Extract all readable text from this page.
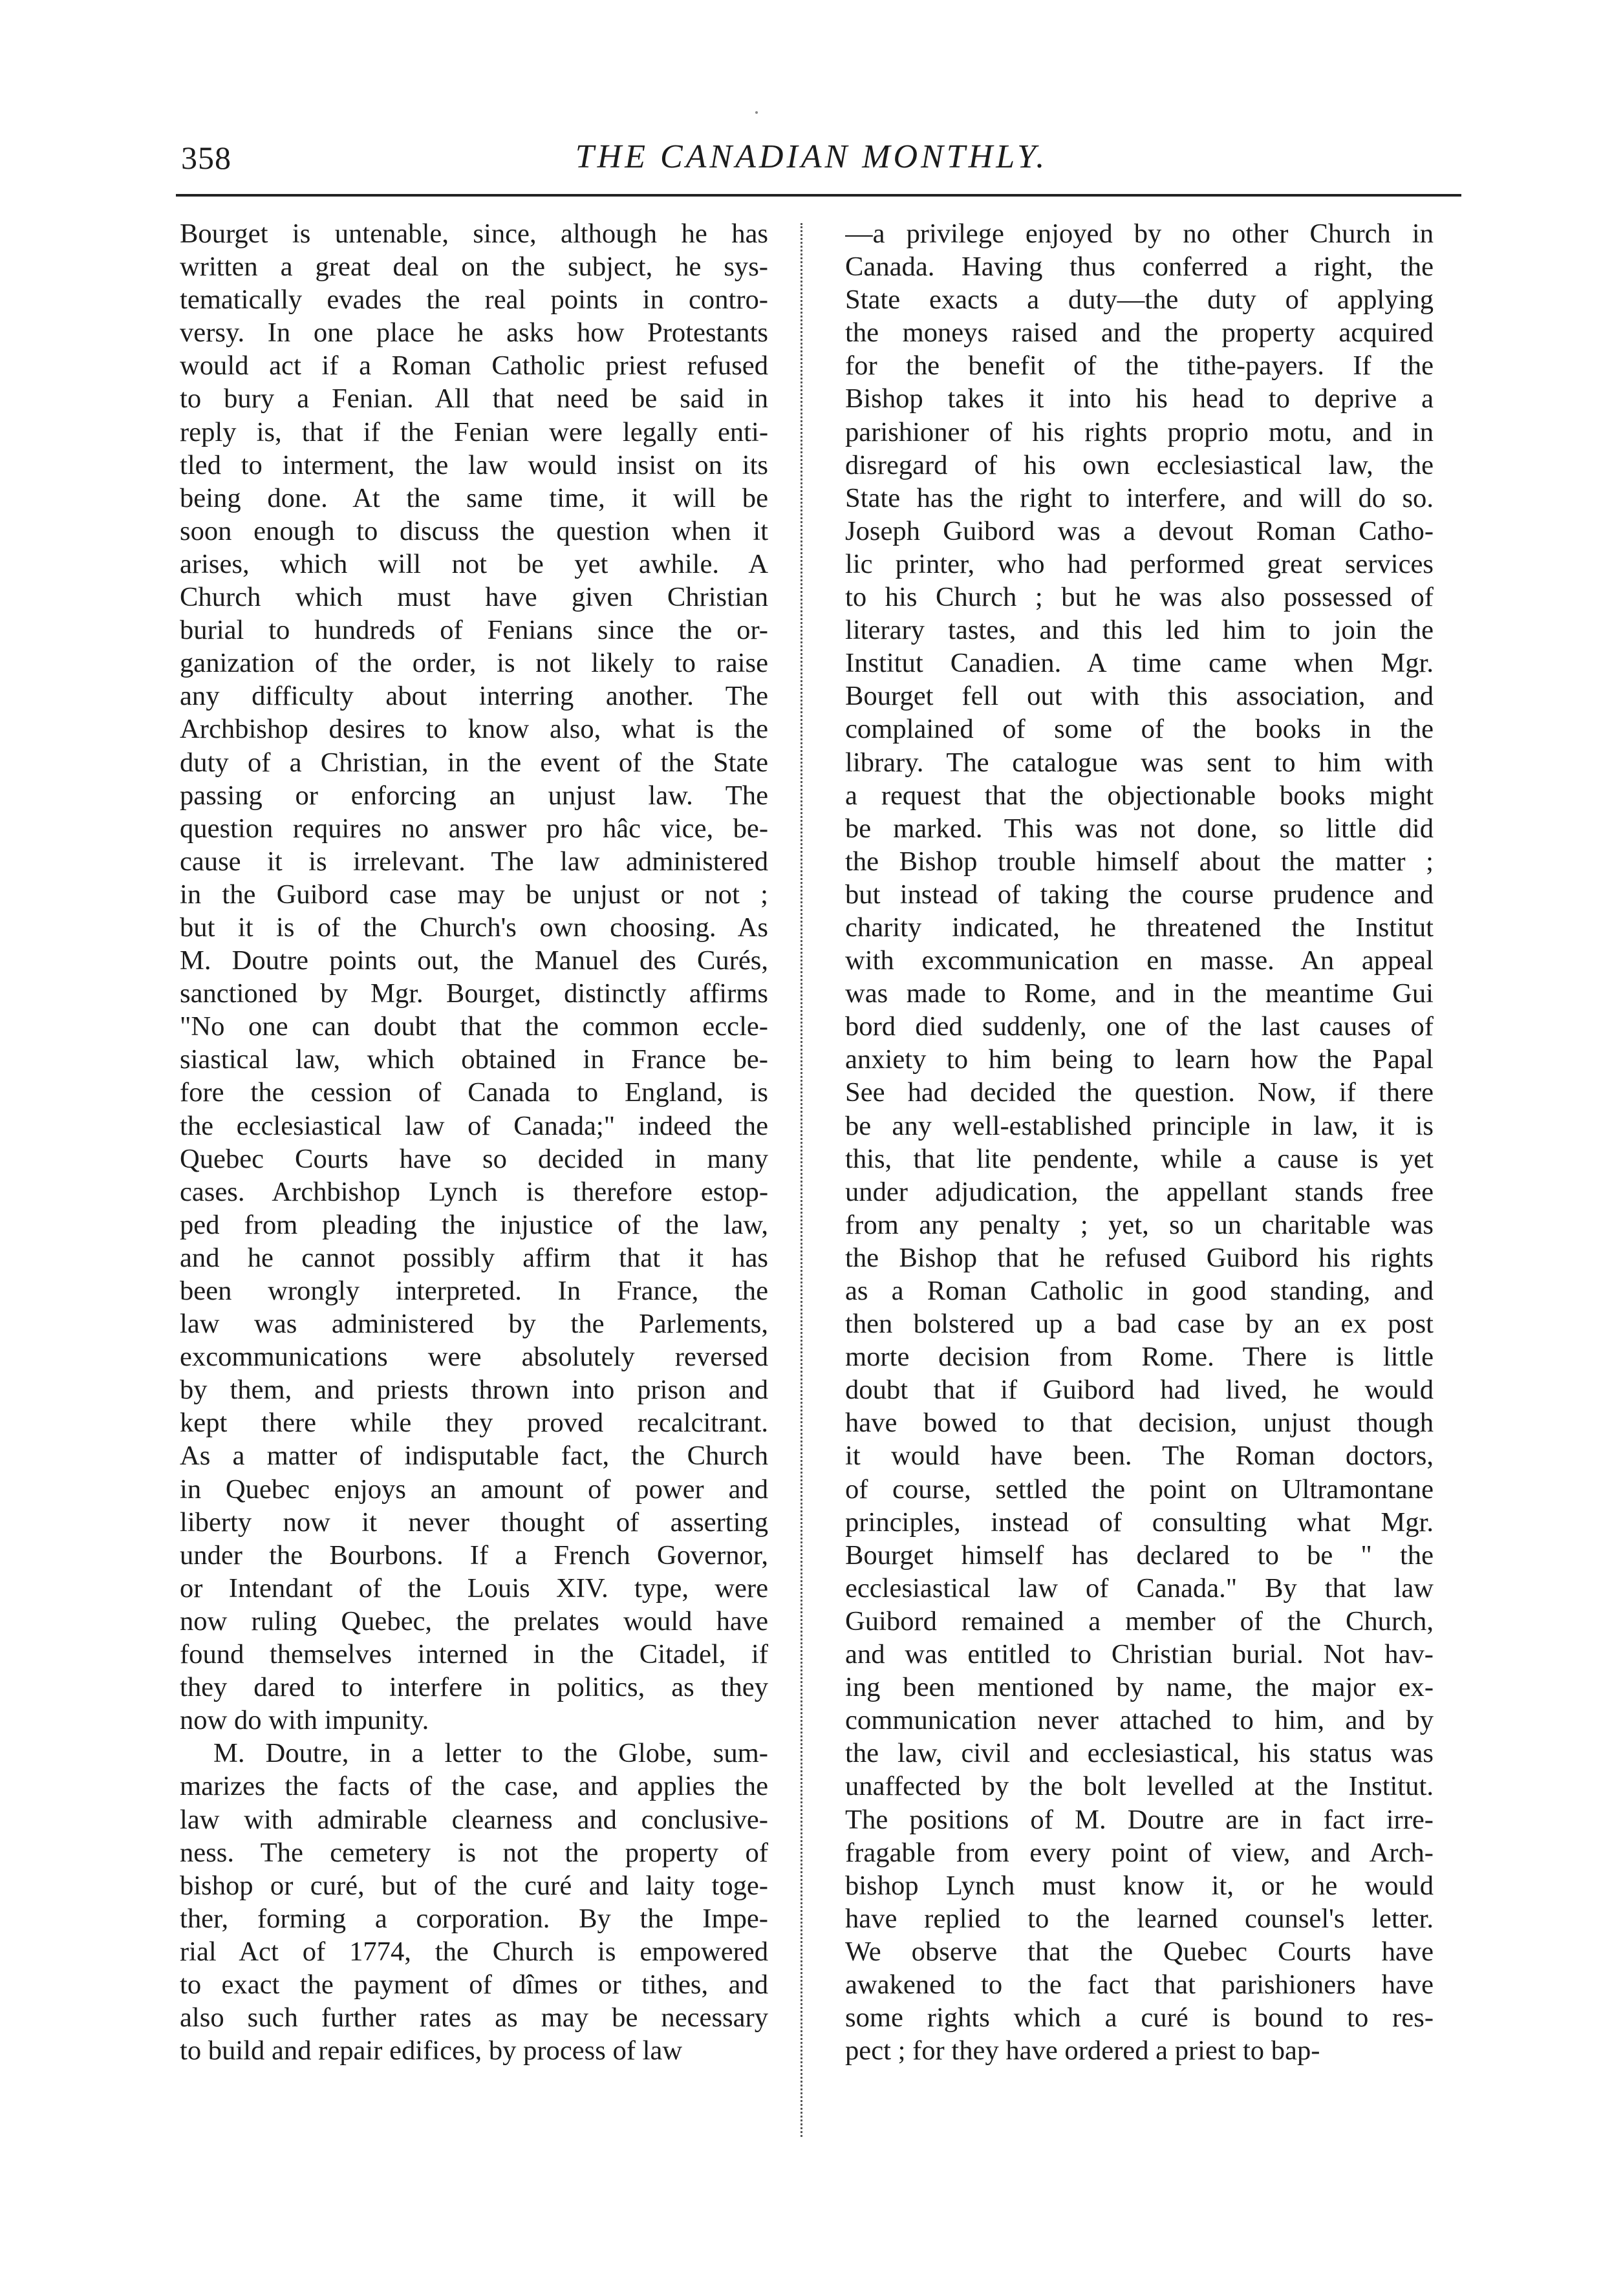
358	THE CANADIAN MONTHLY.
Bourget is untenable, since, although he has
written a great deal on the subject, he sys-
tematically evades the real points in contro-
versy. In one place he asks how Protestants
would act if a Roman Catholic priest refused
to bury a Fenian. All that need be said in
reply is, that if the Fenian were legally enti-
tled to interment, the law would insist on its
being done. At the same time, it will be
soon enough to discuss the question when it
arises, which will not be yet awhile. A
Church which must have given Christian
burial to hundreds of Fenians since the or-
ganization of the order, is not likely to raise
any difficulty about interring another. The
Archbishop desires to know also, what is the
duty of a Christian, in the event of the State
passing or enforcing an unjust law. The
question requires no answer pro hâc vice, be-
cause it is irrelevant. The law administered
in the Guibord case may be unjust or not ;
but it is of the Church's own choosing. As
M. Doutre points out, the Manuel des Curés,
sanctioned by Mgr. Bourget, distinctly affirms
"No one can doubt that the common eccle-
siastical law, which obtained in France be-
fore the cession of Canada to England, is
the ecclesiastical law of Canada;" indeed the
Quebec Courts have so decided in many
cases. Archbishop Lynch is therefore estop-
ped from pleading the injustice of the law,
and he cannot possibly affirm that it has
been wrongly interpreted. In France, the
law was administered by the Parlements,
excommunications were absolutely reversed
by them, and priests thrown into prison and
kept there while they proved recalcitrant.
As a matter of indisputable fact, the Church
in Quebec enjoys an amount of power and
liberty now it never thought of asserting
under the Bourbons. If a French Governor,
or Intendant of the Louis XIV. type, were
now ruling Quebec, the prelates would have
found themselves interned in the Citadel, if
they dared to interfere in politics, as they
now do with impunity.
M. Doutre, in a letter to the Globe, sum-
marizes the facts of the case, and applies the
law with admirable clearness and conclusive-
ness. The cemetery is not the property of
bishop or curé, but of the curé and laity toge-
ther, forming a corporation. By the Impe-
rial Act of 1774, the Church is empowered
to exact the payment of dîmes or tithes, and
also such further rates as may be necessary
to build and repair edifices, by process of law
—a privilege enjoyed by no other Church in
Canada. Having thus conferred a right, the
State exacts a duty—the duty of applying
the moneys raised and the property acquired
for the benefit of the tithe-payers. If the
Bishop takes it into his head to deprive a
parishioner of his rights proprio motu, and in
disregard of his own ecclesiastical law, the
State has the right to interfere, and will do so.
Joseph Guibord was a devout Roman Catho-
lic printer, who had performed great services
to his Church ; but he was also possessed of
literary tastes, and this led him to join the
Institut Canadien. A time came when Mgr.
Bourget fell out with this association, and
complained of some of the books in the
library. The catalogue was sent to him with
a request that the objectionable books might
be marked. This was not done, so little did
the Bishop trouble himself about the matter ;
but instead of taking the course prudence and
charity indicated, he threatened the Institut
with excommunication en masse. An appeal
was made to Rome, and in the meantime Gui
bord died suddenly, one of the last causes of
anxiety to him being to learn how the Papal
See had decided the question. Now, if there
be any well-established principle in law, it is
this, that lite pendente, while a cause is yet
under adjudication, the appellant stands free
from any penalty ; yet, so un charitable was
the Bishop that he refused Guibord his rights
as a Roman Catholic in good standing, and
then bolstered up a bad case by an ex post
morte decision from Rome. There is little
doubt that if Guibord had lived, he would
have bowed to that decision, unjust though
it would have been. The Roman doctors,
of course, settled the point on Ultramontane
principles, instead of consulting what Mgr.
Bourget himself has declared to be " the
ecclesiastical law of Canada." By that law
Guibord remained a member of the Church,
and was entitled to Christian burial. Not hav-
ing been mentioned by name, the major ex-
communication never attached to him, and by
the law, civil and ecclesiastical, his status was
unaffected by the bolt levelled at the Institut.
The positions of M. Doutre are in fact irre-
fragable from every point of view, and Arch-
bishop Lynch must know it, or he would
have replied to the learned counsel's letter.
We observe that the Quebec Courts have
awakened to the fact that parishioners have
some rights which a curé is bound to res-
pect ; for they have ordered a priest to bap-
